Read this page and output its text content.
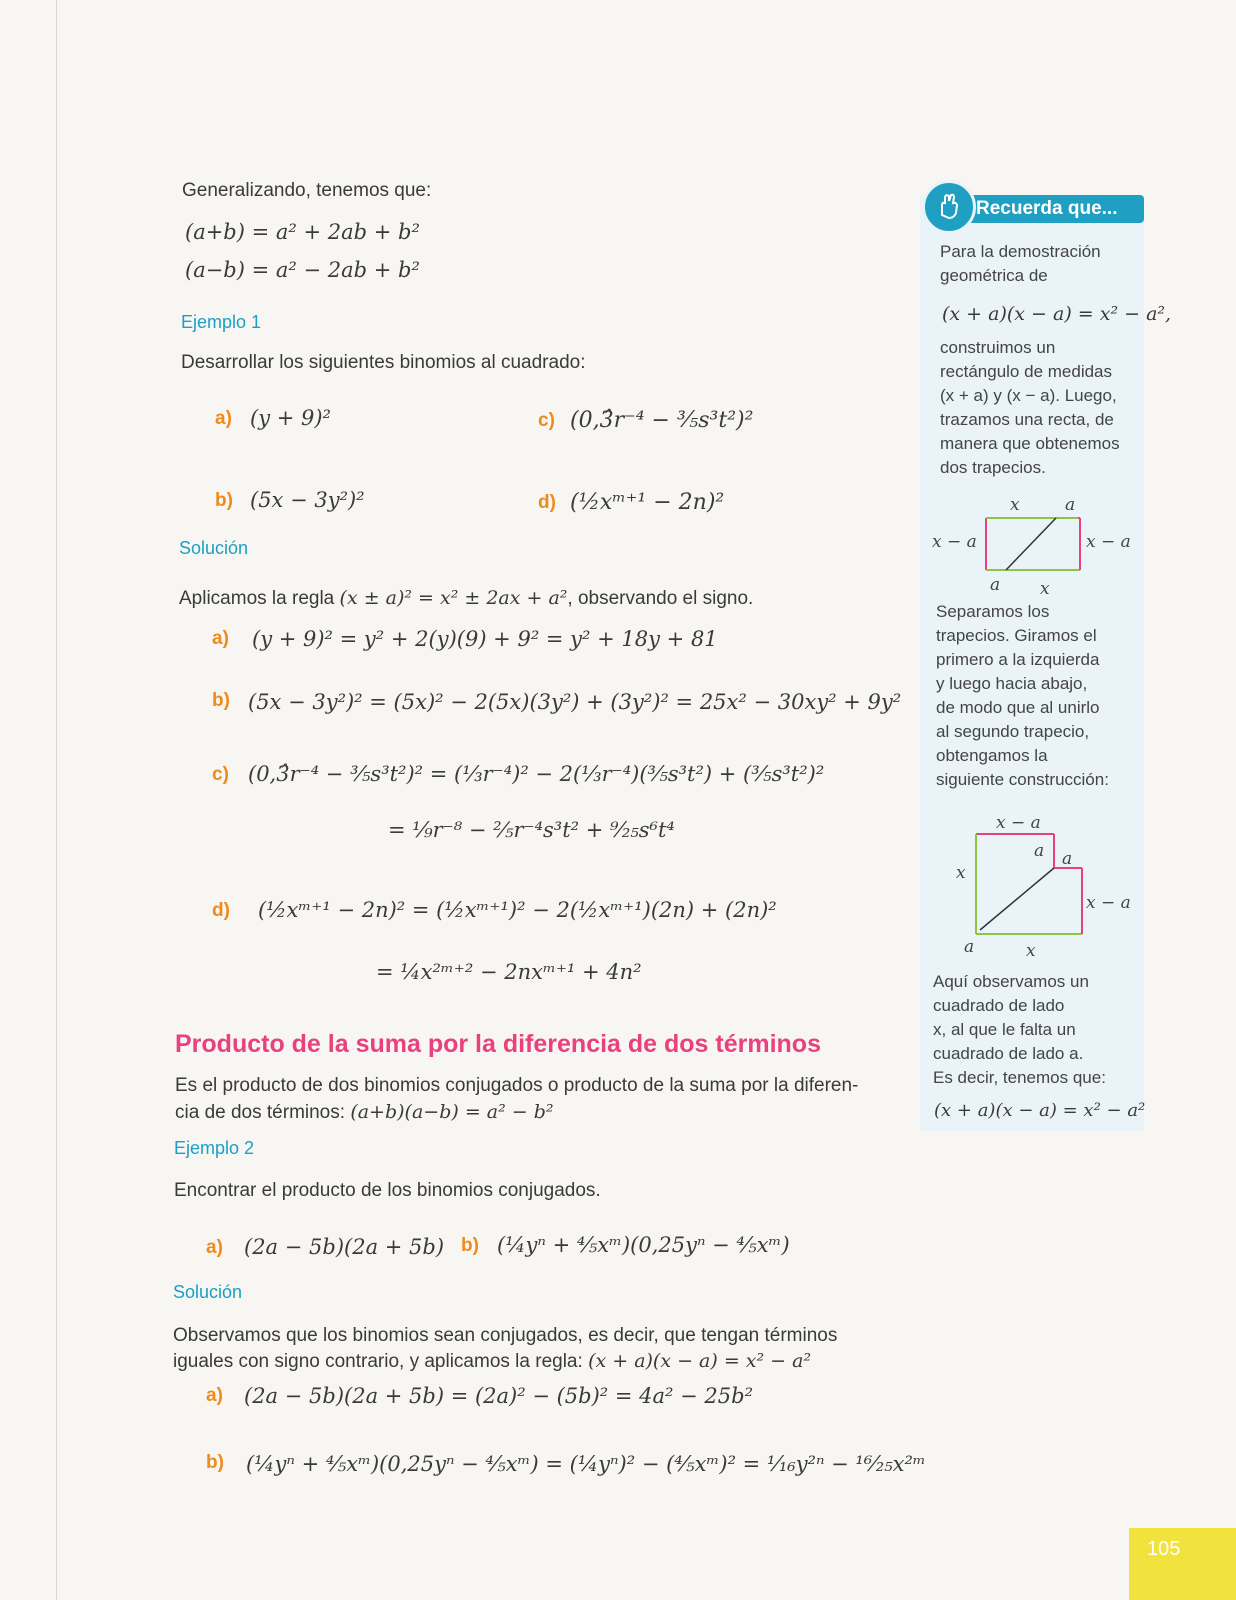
Generalizando, tenemos que:
(a+b) = a² + 2ab + b²
(a−b) = a² − 2ab + b²
Ejemplo 1
Desarrollar los siguientes binomios al cuadrado:
a) (y + 9)²	c) (0,3̂r⁻⁴ − ³⁄₅s³t²)²
b) (5x − 3y²)²	d) (½xᵐ⁺¹ − 2n)²
Solución
Aplicamos la regla (x ± a)² = x² ± 2ax + a², observando el signo.
a) (y + 9)² = y² + 2(y)(9) + 9² = y² + 18y + 81
b) (5x − 3y²)² = (5x)² − 2(5x)(3y²) + (3y²)² = 25x² − 30xy² + 9y²
c) (0,3̂r⁻⁴ − ³⁄₅s³t²)² = (⅓r⁻⁴)² − 2(⅓r⁻⁴)(³⁄₅s³t²) + (³⁄₅s³t²)²
= ⅑r⁻⁸ − ⅖r⁻⁴s³t² + ⁹⁄₂₅s⁶t⁴
d) (½xᵐ⁺¹ − 2n)² = (½xᵐ⁺¹)² − 2(½xᵐ⁺¹)(2n) + (2n)²
= ¼x²ᵐ⁺² − 2nxᵐ⁺¹ + 4n²
Producto de la suma por la diferencia de dos términos
Es el producto de dos binomios conjugados o producto de la suma por la diferen-
cia de dos términos: (a+b)(a−b) = a² − b²
Ejemplo 2
Encontrar el producto de los binomios conjugados.
a) (2a − 5b)(2a + 5b) b) (¼yⁿ + ⅘xᵐ)(0,25yⁿ − ⅘xᵐ)
Solución
Observamos que los binomios sean conjugados, es decir, que tengan términos
iguales con signo contrario, y aplicamos la regla: (x + a)(x − a) = x² − a²
a) (2a − 5b)(2a + 5b) = (2a)² − (5b)² = 4a² − 25b²
b) (¼yⁿ + ⅘xᵐ)(0,25yⁿ − ⅘xᵐ) = (¼yⁿ)² − (⅘xᵐ)² = ¹⁄₁₆y²ⁿ − ¹⁶⁄₂₅x²ᵐ
Recuerda que...
Para la demostración
geométrica de
(x + a)(x − a) = x² − a²,
construimos un
rectángulo de medidas
(x + a) y (x − a). Luego,
trazamos una recta, de
manera que obtenemos
dos trapecios.
x	a
x − a	x − a
a x
Separamos los
trapecios. Giramos el
primero a la izquierda
y luego hacia abajo,
de modo que al unirlo
al segundo trapecio,
obtengamos la
siguiente construcción:
x − a
a a
x
x − a
a	x
Aquí observamos un
cuadrado de lado
x, al que le falta un
cuadrado de lado a.
Es decir, tenemos que:
(x + a)(x − a) = x² − a²
105
